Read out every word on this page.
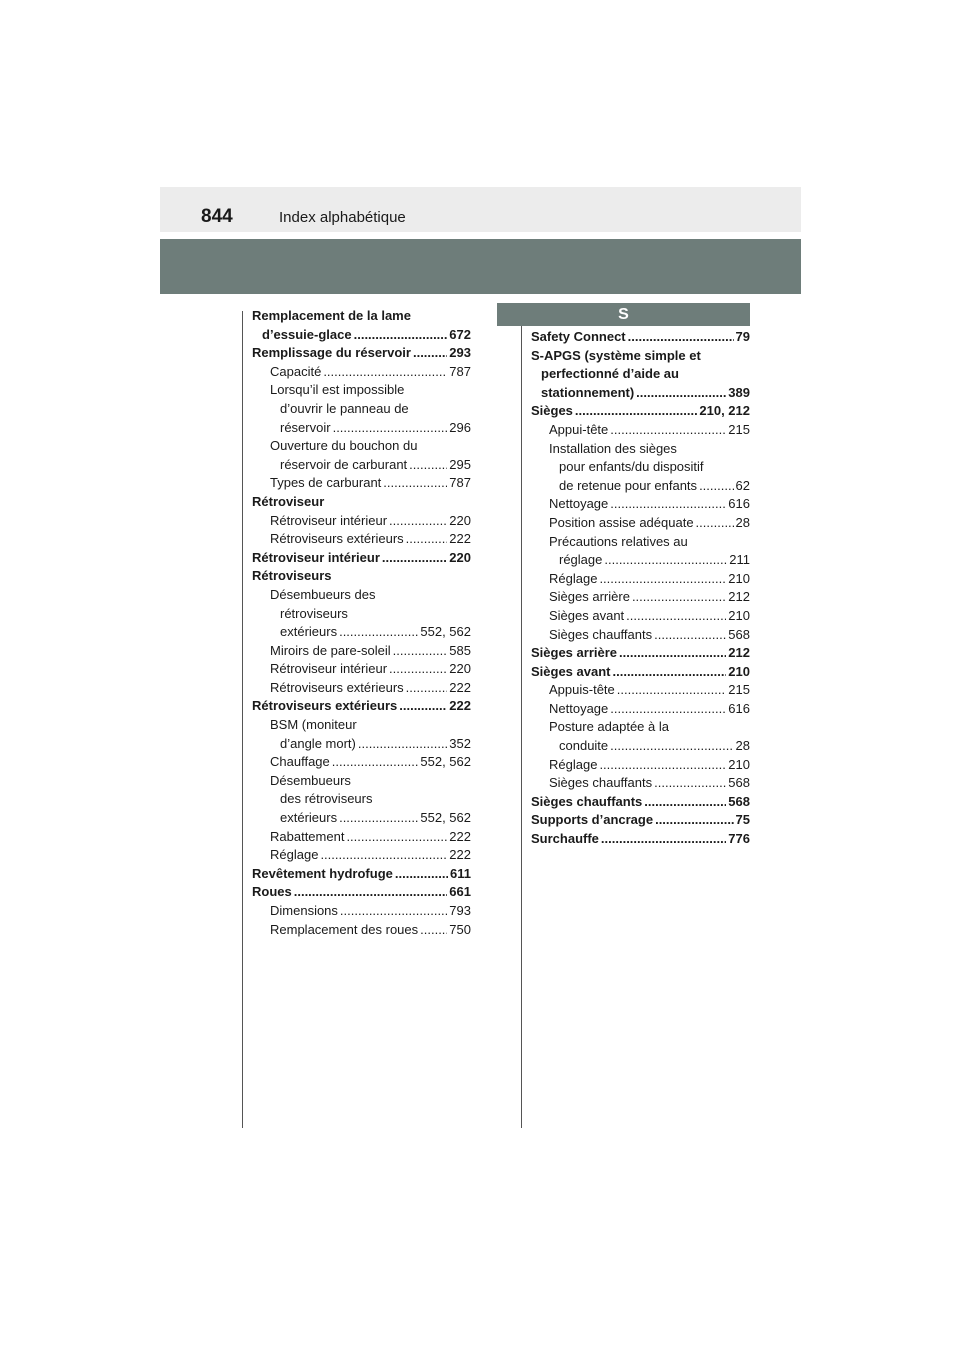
844	Index alphabétique
S
Remplacement de la lame
d’essuie-glace .....	672
Remplissage du réservoir .....	293
Capacité .....	787
Lorsqu’il est impossible
d’ouvrir le panneau de
réservoir .....	296
Ouverture du bouchon du
réservoir de carburant .....	295
Types de carburant .....	787
Rétroviseur
Rétroviseur intérieur .....	220
Rétroviseurs extérieurs .....	222
Rétroviseur intérieur .....	220
Rétroviseurs
Désembueurs des
rétroviseurs
extérieurs .....	552, 562
Miroirs de pare-soleil .....	585
Rétroviseur intérieur .....	220
Rétroviseurs extérieurs .....	222
Rétroviseurs extérieurs .....	222
BSM (moniteur
d’angle mort) .....	352
Chauffage .....	552, 562
Désembueurs
des rétroviseurs
extérieurs .....	552, 562
Rabattement .....	222
Réglage .....	222
Revêtement hydrofuge .....	611
Roues .....	661
Dimensions .....	793
Remplacement des roues ..... 750
Safety Connect .....	79
S-APGS (système simple et
perfectionné d’aide au
stationnement) .....	389
Sièges .....	210, 212
Appui-tête .....	215
Installation des sièges
pour enfants/du dispositif
de retenue pour enfants .....	62
Nettoyage .....	616
Position assise adéquate .....	28
Précautions relatives au
réglage .....	211
Réglage .....	210
Sièges arrière .....	212
Sièges avant .....	210
Sièges chauffants .....	568
Sièges arrière .....	212
Sièges avant .....	210
Appuis-tête .....	215
Nettoyage .....	616
Posture adaptée à la
conduite .....	28
Réglage .....	210
Sièges chauffants .....	568
Sièges chauffants .....	568
Supports d’ancrage .....	75
Surchauffe .....	776
